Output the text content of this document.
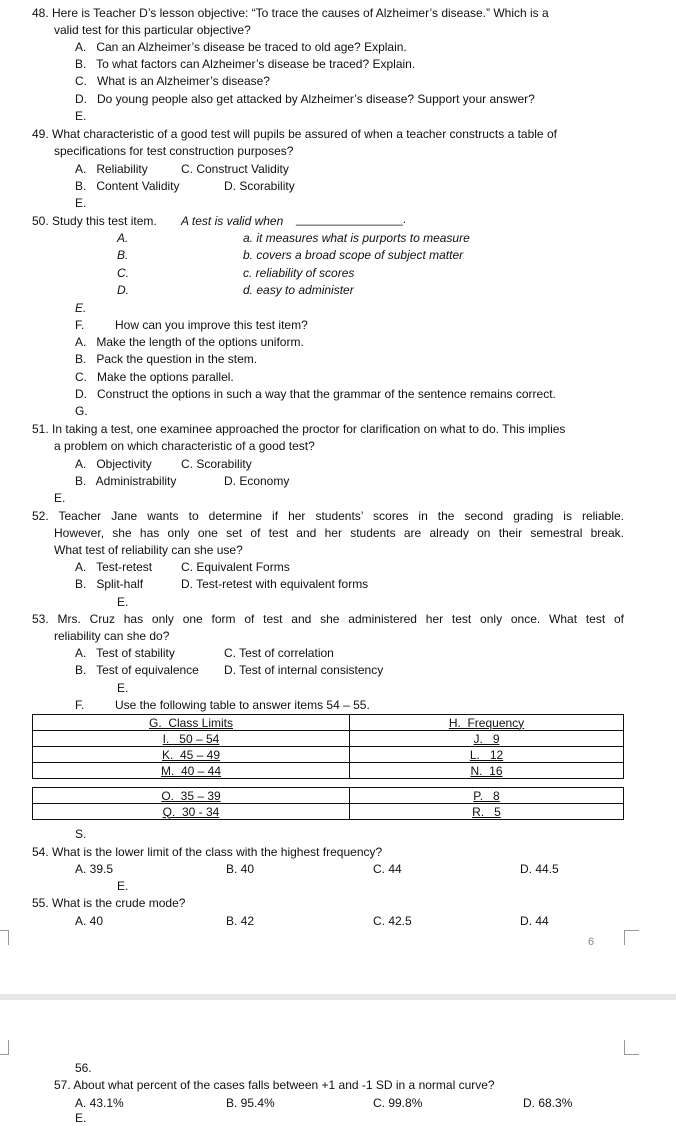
48. Here is Teacher D’s lesson objective: “To trace the causes of Alzheimer’s disease.” Which is a
valid test for this particular objective?
A.   Can an Alzheimer’s disease be traced to old age? Explain.
B.   To what factors can Alzheimer’s disease be traced? Explain.
C.   What is an Alzheimer’s disease?
D.   Do young people also get attacked by Alzheimer’s disease? Support your answer?
E.
49. What characteristic of a good test will pupils be assured of when a teacher constructs a table of
specifications for test construction purposes?
A.   Reliability	C. Construct Validity
B.   Content Validity	D. Scorability
E.
50. Study this test item. A test is valid when ________________.
A.	a. it measures what is purports to measure
B.	b. covers a broad scope of subject matter
C.	c. reliability of scores
D.	d. easy to administer
E.
F.	How can you improve this test item?
A.   Make the length of the options uniform.
B.   Pack the question in the stem.
C.   Make the options parallel.
D.   Construct the options in such a way that the grammar of the sentence remains correct.
G.
51. In taking a test, one examinee approached the proctor for clarification on what to do. This implies
a problem on which characteristic of a good test?
A.   Objectivity C. Scorability
B.   Administrability	D. Economy
E.
52. Teacher Jane wants to determine if her students’ scores in the second grading is reliable.
However, she has only one set of test and her students are already on their semestral break.
What test of reliability can she use?
A.   Test-retest C. Equivalent Forms
B.   Split-half	D. Test-retest with equivalent forms
E.
53. Mrs. Cruz has only one form of test and she administered her test only once. What test of
reliability can she do?
A.   Test of stability	C. Test of correlation
B.   Test of equivalence D. Test of internal consistency
E.
F.	Use the following table to answer items 54 – 55.
G.  Class Limits	H.  Frequency
I.   50 – 54	J.   9
K.  45 – 49	L.   12
M.  40 – 44	N.  16
O.  35 – 39	P.   8
Q.  30 - 34	R.   5
S.
54. What is the lower limit of the class with the highest frequency?
A. 39.5	B. 40	C. 44	D. 44.5
E.
55. What is the crude mode?
A. 40	B. 42	C. 42.5	D. 44
6
56.
57. About what percent of the cases falls between +1 and -1 SD in a normal curve?
A. 43.1%	B. 95.4%	C. 99.8%	D. 68.3%
E.
